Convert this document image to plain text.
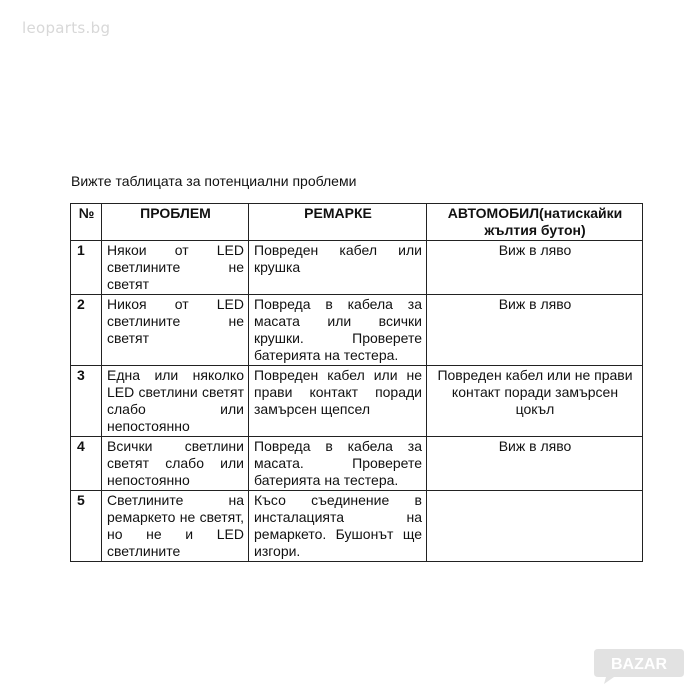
leoparts.bg
Вижте таблицата за потенциални проблеми
№	ПРОБЛЕМ	РЕМАРКЕ	АВТОМОБИЛ(натискайки жълтия бутон)
1	Някои от LED светлините не светят	Повреден кабел или крушка	Виж в ляво
2	Никоя от LED светлините не светят	Повреда в кабела за масата или всички крушки. Проверете батерията на тестера.	Виж в ляво
3	Една или няколко LED светлини светят слабо или непостоянно	Повреден кабел или не прави контакт поради замърсен щепсел	Повреден кабел или не прави контакт поради замърсен цокъл
4	Всички светлини светят слабо или непостоянно	Повреда в кабела за масата. Проверете батерията на тестера.	Виж в ляво
5	Светлините на ремаркето не светят, но не и LED светлините	Късо съединение в инсталацията на ремаркето. Бушонът ще изгори.	
BAZAR
